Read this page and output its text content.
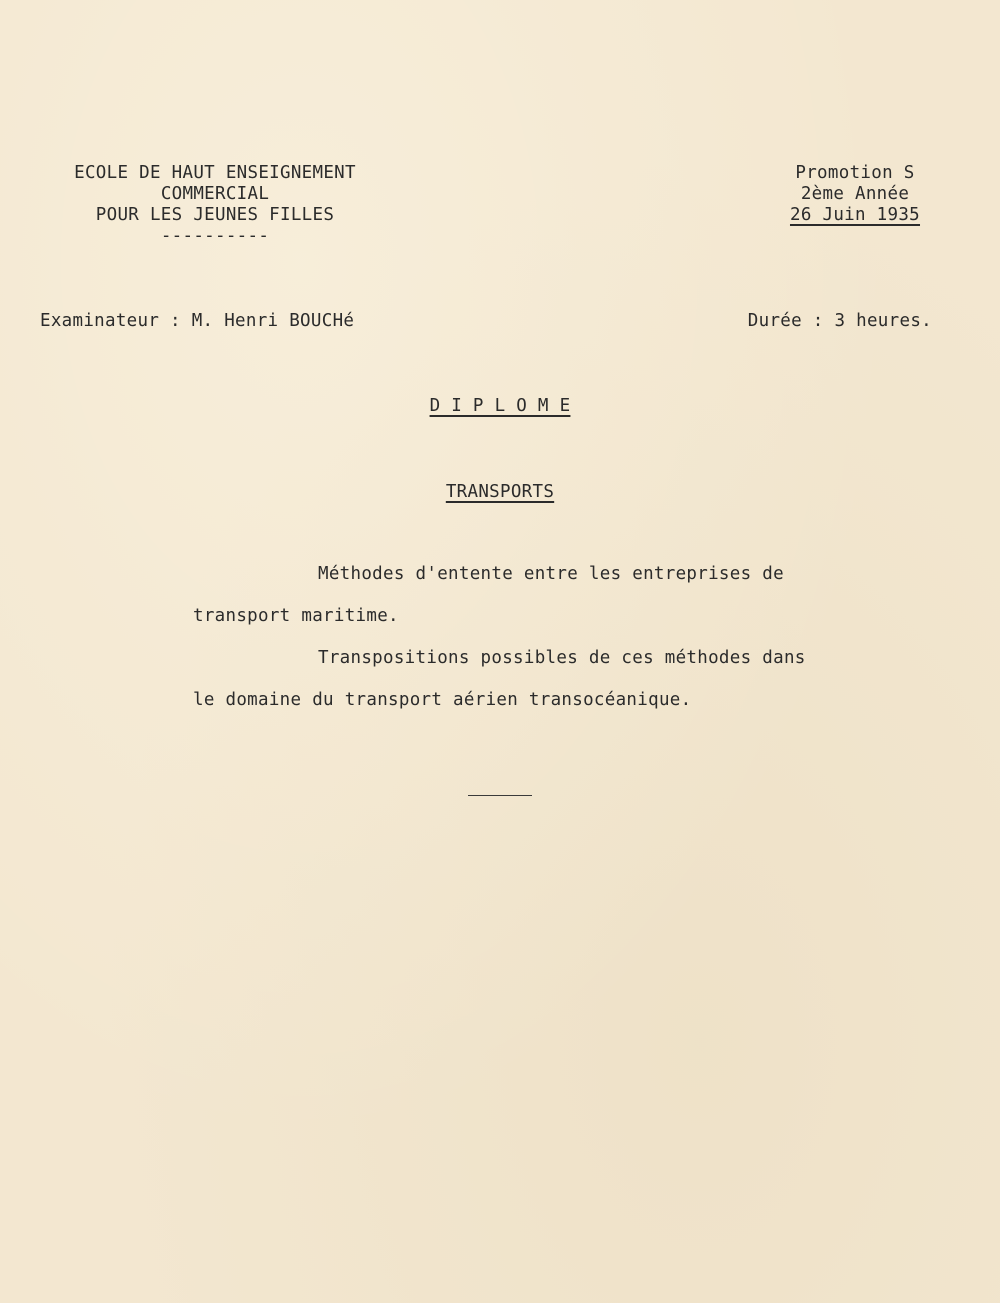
ECOLE DE HAUT ENSEIGNEMENT
COMMERCIAL
POUR LES JEUNES FILLES
----------
Promotion S
2ème Année
26 Juin 1935
Examinateur : M. Henri BOUCHé	Durée : 3 heures.
D I P L O M E
TRANSPORTS
Méthodes d'entente entre les entreprises de
transport maritime.
Transpositions possibles de ces méthodes dans
le domaine du transport aérien transocéanique.
